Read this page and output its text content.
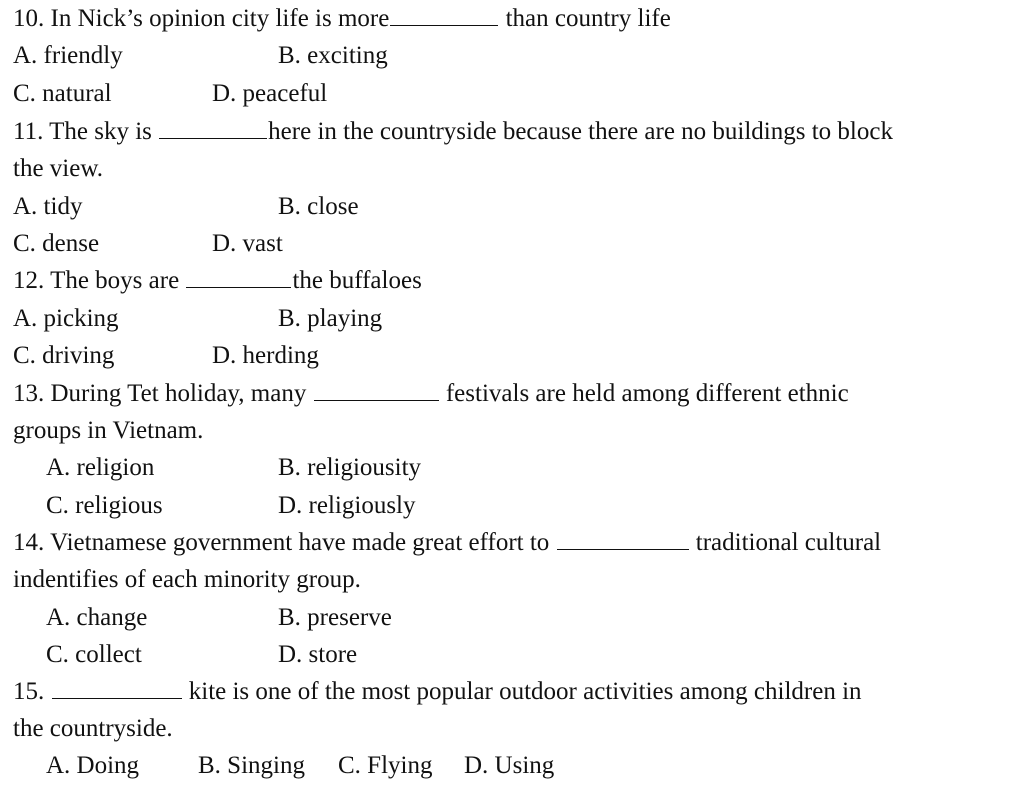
10. In Nick’s opinion city life is more	than country life
A. friendly	B. exciting
C. natural	D. peaceful
11. The sky is	here in the countryside because there are no buildings to block
the view.
A. tidy	B. close
C. dense	D. vast
12. The boys are	the buffaloes
A. picking	B. playing
C. driving	D. herding
13. During Tet holiday, many	festivals are held among different ethnic
groups in Vietnam.
A. religion	B. religiousity
C. religious	D. religiously
14. Vietnamese government have made great effort to	traditional cultural
indentifies of each minority group.
A. change	B. preserve
C. collect	D. store
15.	kite is one of the most popular outdoor activities among children in
the countryside.
A. Doing B. Singing C. Flying D. Using
